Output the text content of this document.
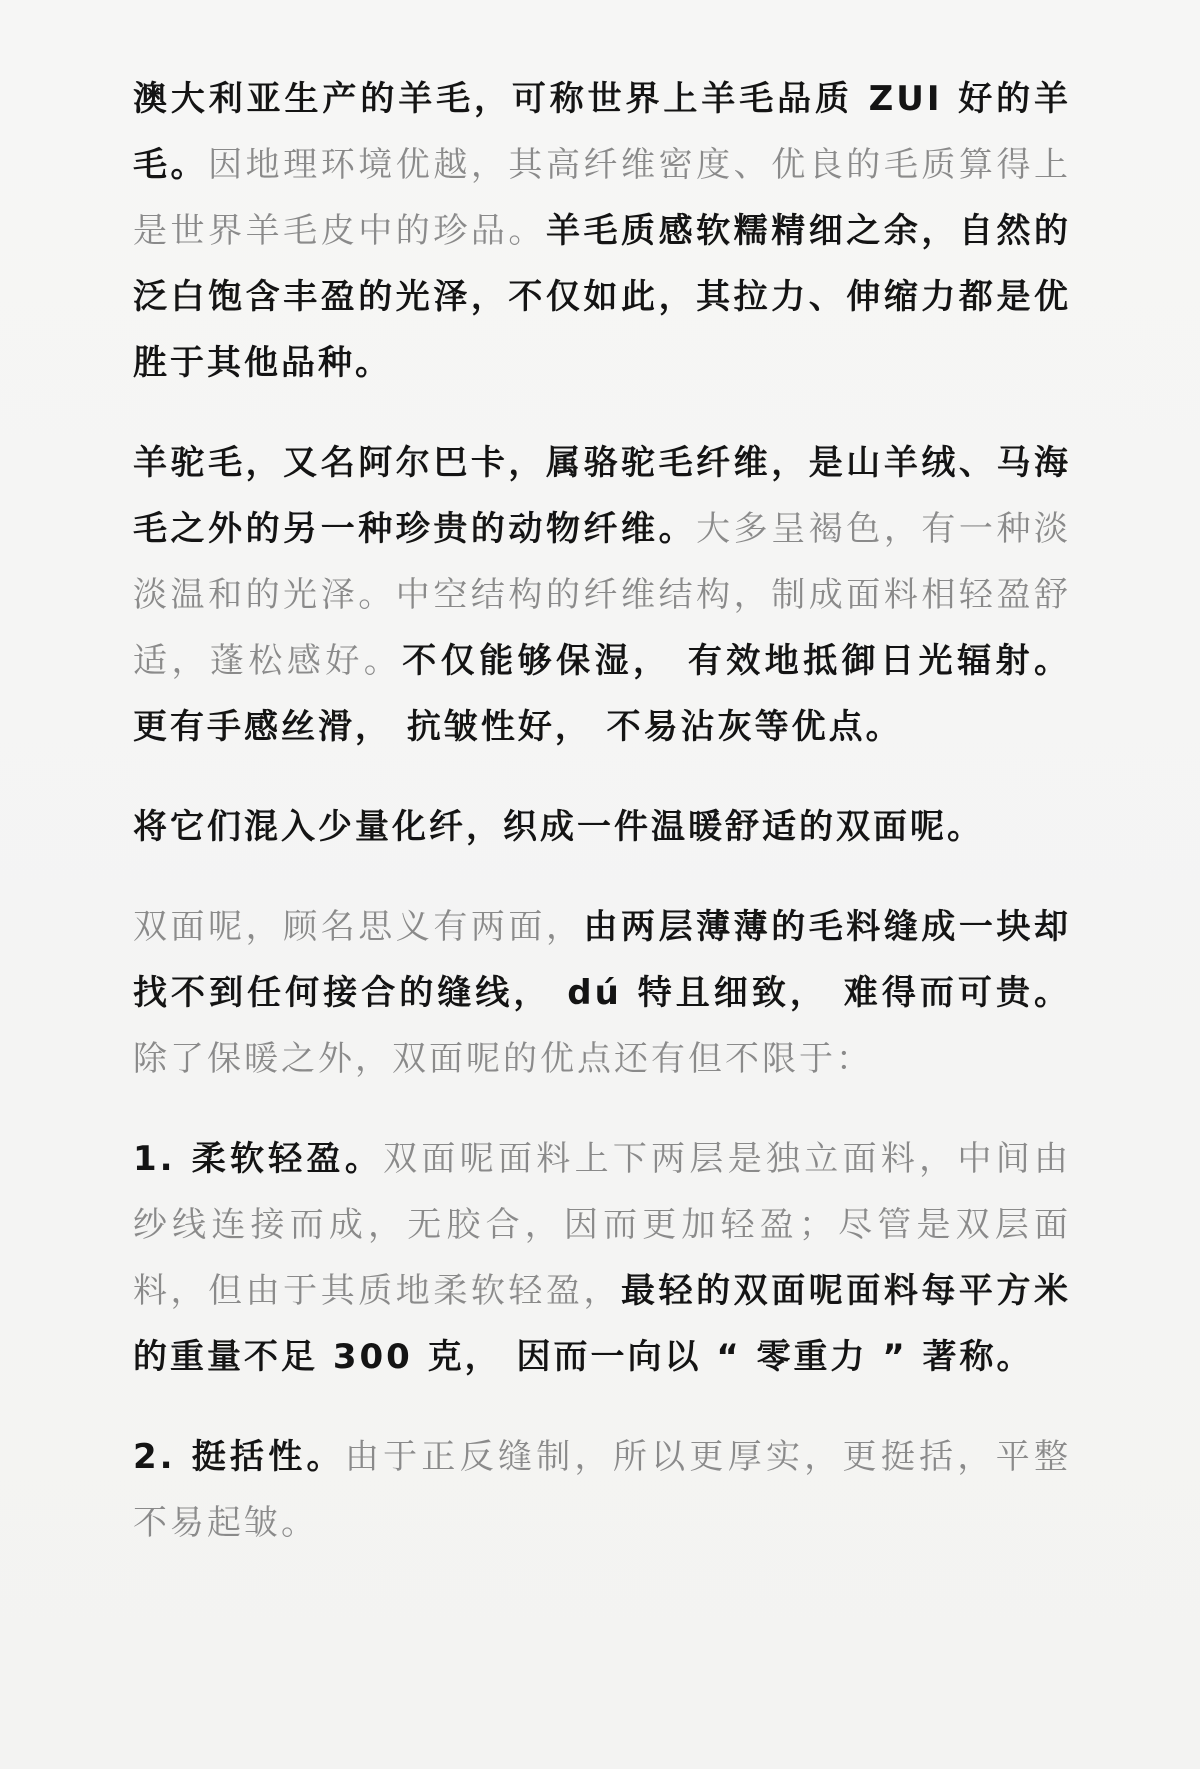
澳大利亚生产的羊毛，可称世界上羊毛品质 ZUI 好的羊毛。因地理环境优越，其高纤维密度、优良的毛质算得上是世界羊毛皮中的珍品。羊毛质感软糯精细之余，自然的泛白饱含丰盈的光泽，不仅如此，其拉力、伸缩力都是优胜于其他品种。

羊驼毛，又名阿尔巴卡，属骆驼毛纤维，是山羊绒、马海毛之外的另一种珍贵的动物纤维。大多呈褐色，有一种淡淡温和的光泽。中空结构的纤维结构，制成面料相轻盈舒适，蓬松感好。不仅能够保湿， 有效地抵御日光辐射。更有手感丝滑， 抗皱性好， 不易沾灰等优点。

将它们混入少量化纤，织成一件温暖舒适的双面呢。

双面呢，顾名思义有两面，由两层薄薄的毛料缝成一块却找不到任何接合的缝线， dú 特且细致， 难得而可贵。除了保暖之外，双面呢的优点还有但不限于：

1. 柔软轻盈。双面呢面料上下两层是独立面料，中间由纱线连接而成，无胶合，因而更加轻盈；尽管是双层面料，但由于其质地柔软轻盈，最轻的双面呢面料每平方米的重量不足 300 克， 因而一向以 “ 零重力 ” 著称。

2. 挺括性。由于正反缝制，所以更厚实，更挺括，平整不易起皱。
